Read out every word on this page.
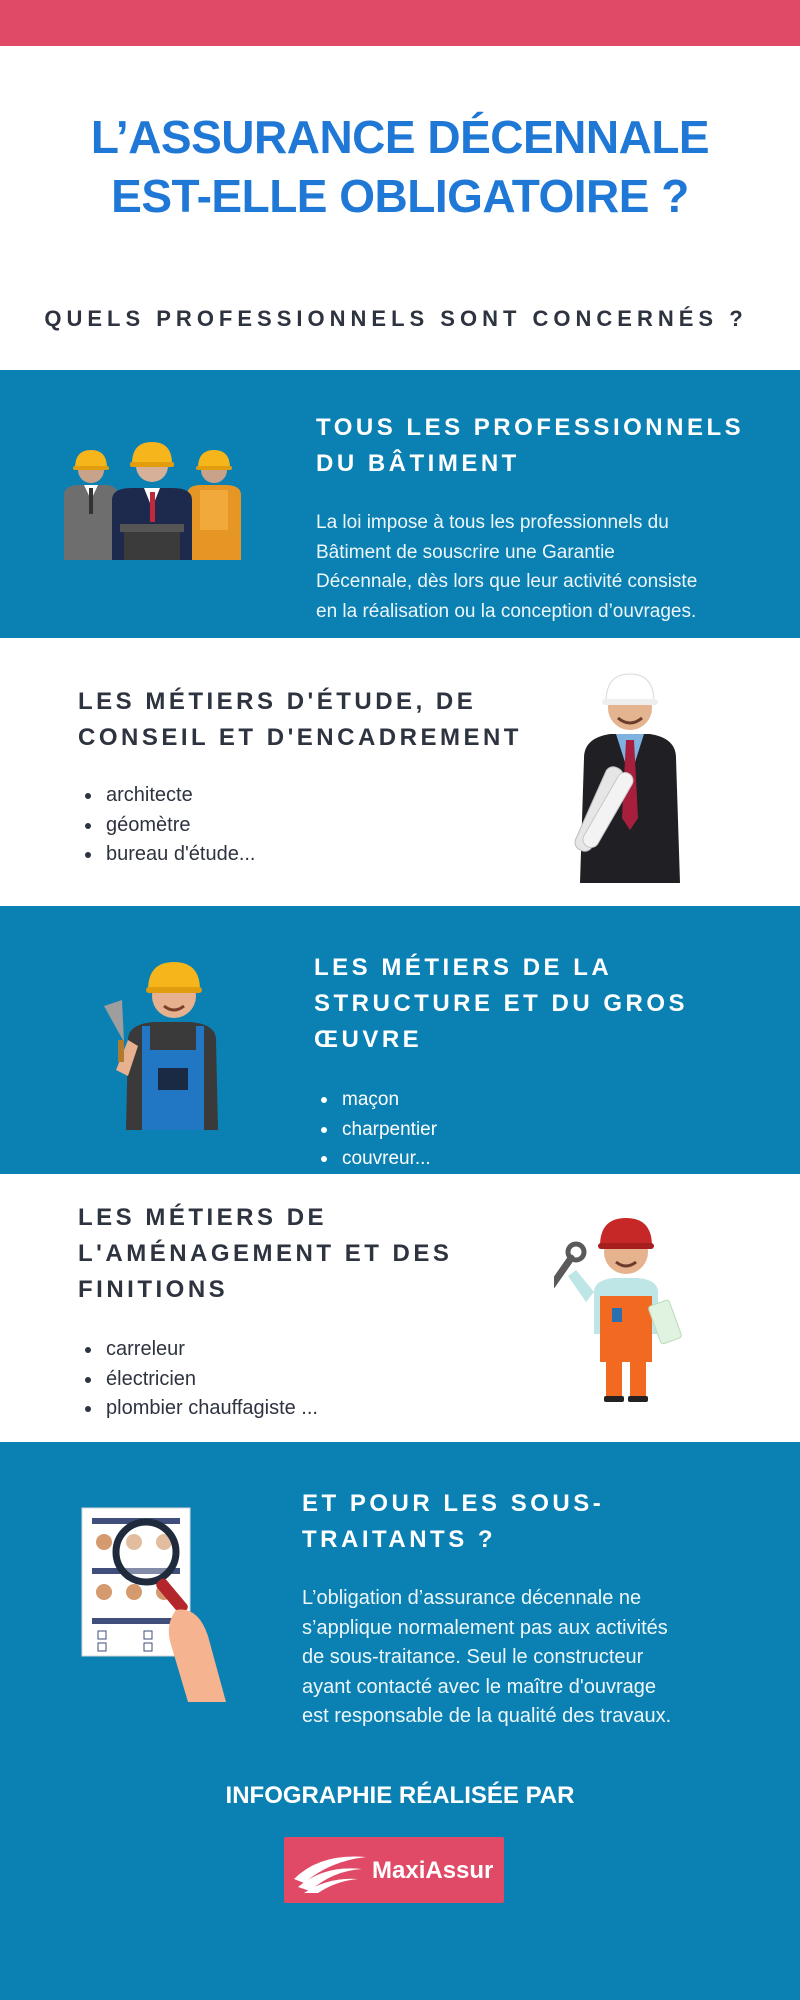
L’ASSURANCE DÉCENNALE
EST-ELLE OBLIGATOIRE ?
QUELS PROFESSIONNELS SONT CONCERNÉS ?
TOUS LES PROFESSIONNELS
DU BÂTIMENT
La loi impose à tous les professionnels du
Bâtiment de souscrire une Garantie
Décennale, dès lors que leur activité consiste
en la réalisation ou la conception d’ouvrages.
LES MÉTIERS D'ÉTUDE, DE
CONSEIL ET D'ENCADREMENT
architecte
géomètre
bureau d'étude...
LES MÉTIERS DE LA
STRUCTURE ET DU GROS
ŒUVRE
maçon
charpentier
couvreur...
LES MÉTIERS DE
L'AMÉNAGEMENT ET DES
FINITIONS
carreleur
électricien
plombier chauffagiste ...
ET POUR LES SOUS-
TRAITANTS ?
L’obligation d’assurance décennale ne
s’applique normalement pas aux activités
de sous-traitance. Seul le constructeur
ayant contacté avec le maître d'ouvrage
est responsable de la qualité des travaux.
INFOGRAPHIE RÉALISÉE PAR
MaxiAssur
